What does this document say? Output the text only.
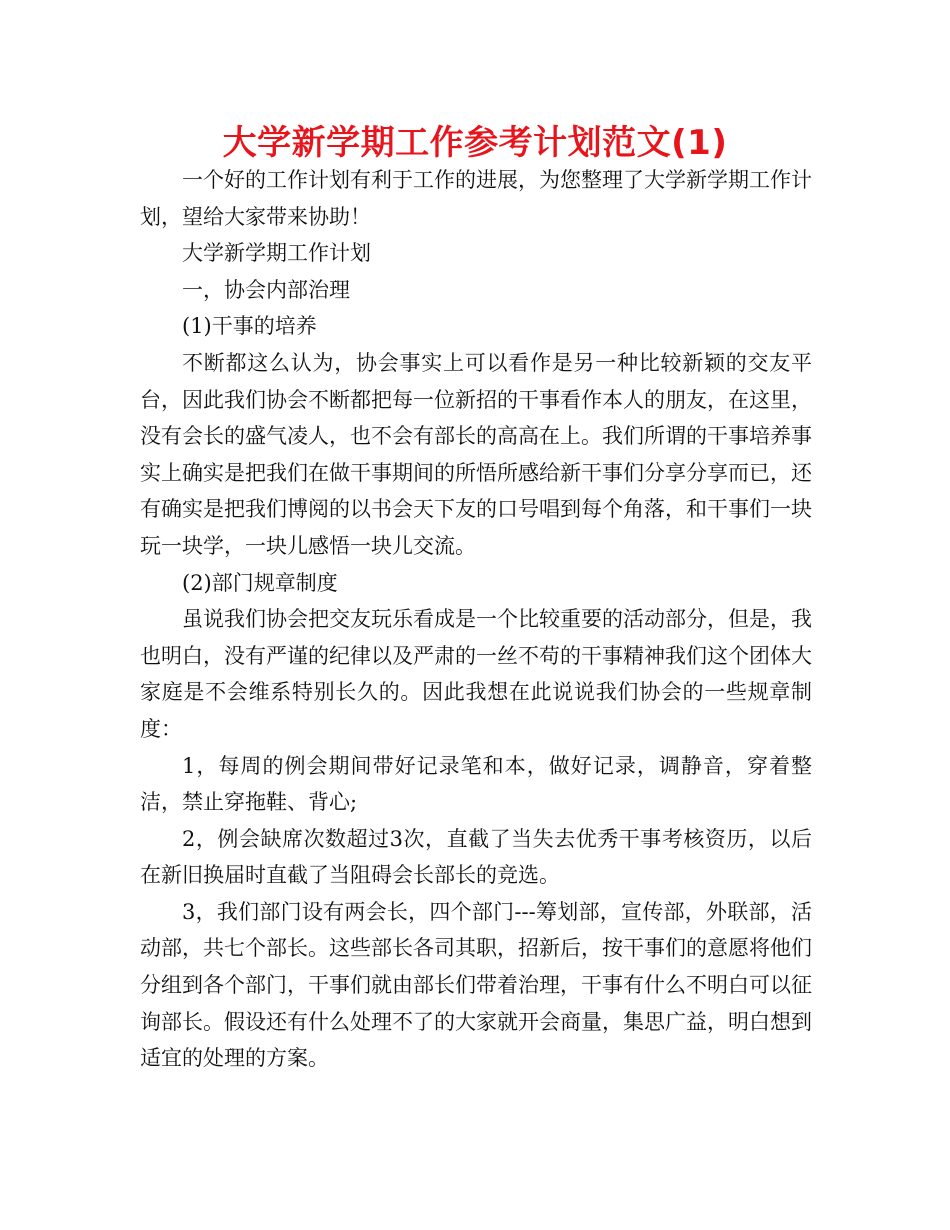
大学新学期工作参考计划范文(1)

一个好的工作计划有利于工作的进展，为您整理了大学新学期工作计划，望给大家带来协助！

大学新学期工作计划

一，协会内部治理

(1)干事的培养

不断都这么认为，协会事实上可以看作是另一种比较新颖的交友平台，因此我们协会不断都把每一位新招的干事看作本人的朋友，在这里，没有会长的盛气凌人，也不会有部长的高高在上。我们所谓的干事培养事实上确实是把我们在做干事期间的所悟所感给新干事们分享分享而已，还有确实是把我们博阅的以书会天下友的口号唱到每个角落，和干事们一块玩一块学，一块儿感悟一块儿交流。

(2)部门规章制度

虽说我们协会把交友玩乐看成是一个比较重要的活动部分，但是，我也明白，没有严谨的纪律以及严肃的一丝不苟的干事精神我们这个团体大家庭是不会维系特别长久的。因此我想在此说说我们协会的一些规章制度：

1，每周的例会期间带好记录笔和本，做好记录，调静音，穿着整洁，禁止穿拖鞋、背心;

2，例会缺席次数超过3次，直截了当失去优秀干事考核资历，以后在新旧换届时直截了当阻碍会长部长的竞选。

3，我们部门设有两会长，四个部门---筹划部，宣传部，外联部，活动部，共七个部长。这些部长各司其职，招新后，按干事们的意愿将他们分组到各个部门，干事们就由部长们带着治理，干事有什么不明白可以征询部长。假设还有什么处理不了的大家就开会商量，集思广益，明白想到适宜的处理的方案。
